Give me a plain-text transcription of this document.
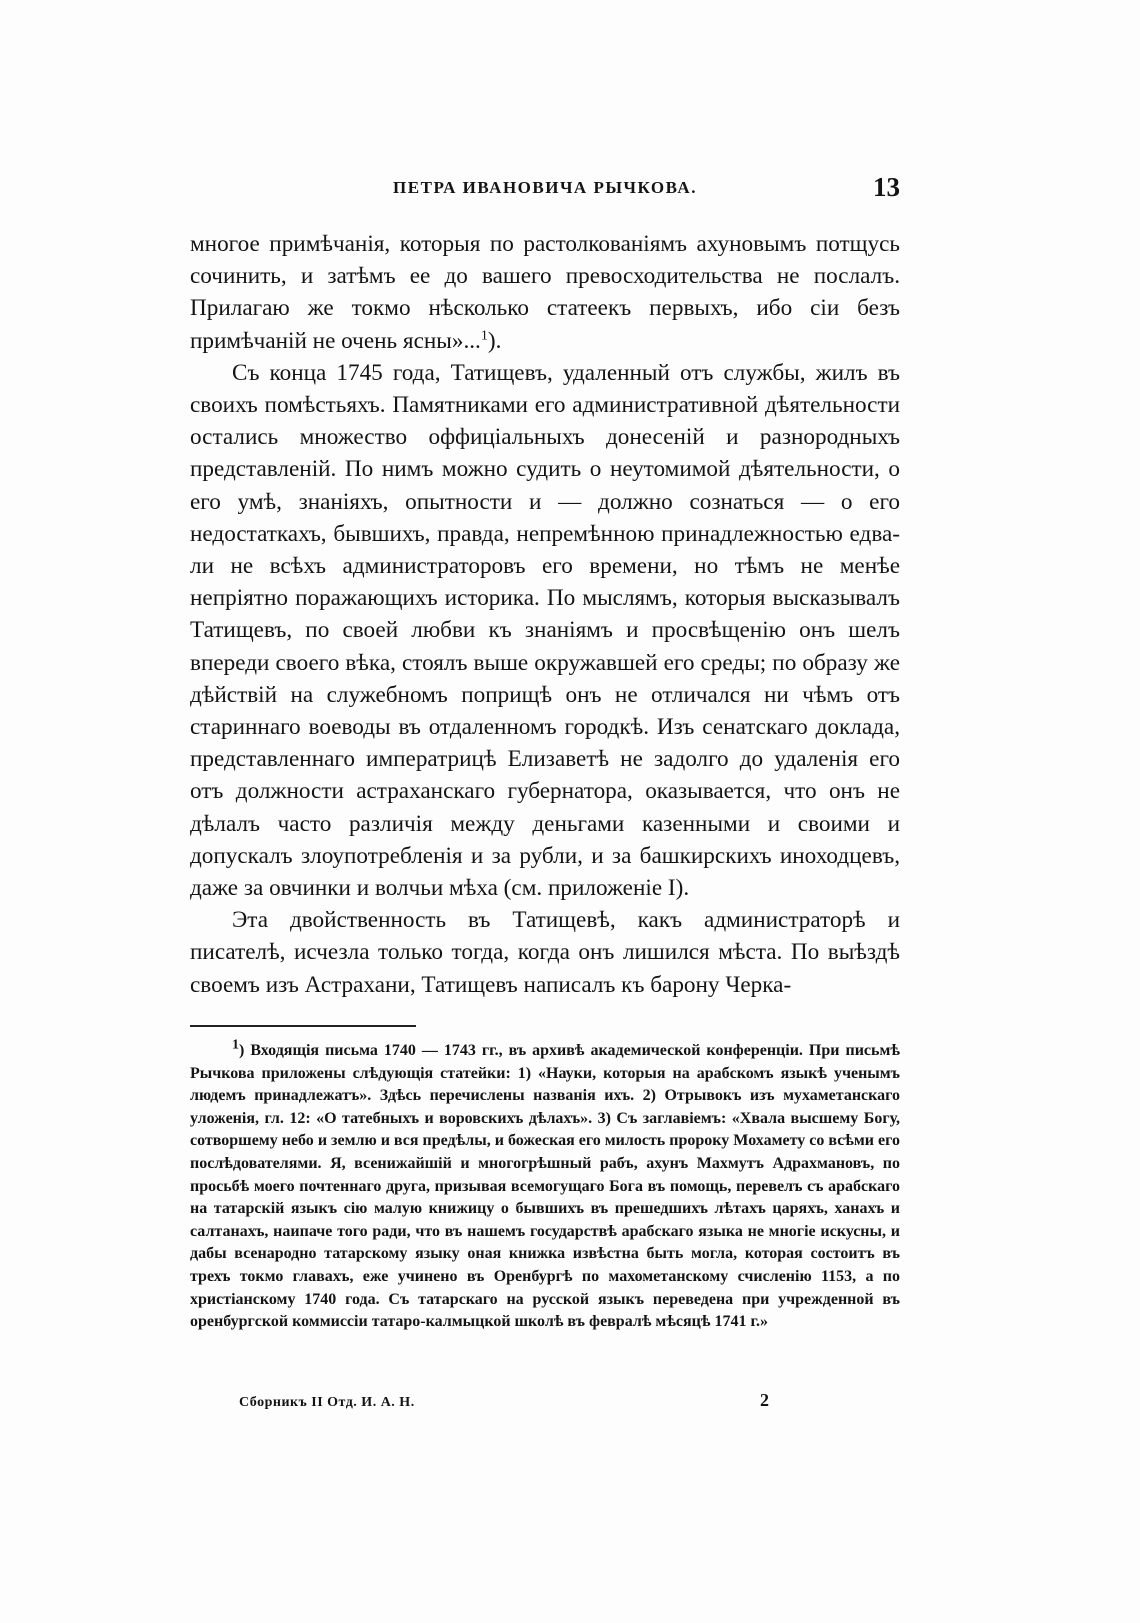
ПЕТРА ИВАНОВИЧА РЫЧКОВА.	13

многое примѣчанія, которыя по растолкованіямъ ахуновымъ потщусь сочинить, и затѣмъ ее до вашего превосходительства не послалъ. Прилагаю же токмо нѣсколько статеекъ первыхъ, ибо сіи безъ примѣчаній не очень ясны»...$^1$).

Съ конца 1745 года, Татищевъ, удаленный отъ службы, жилъ въ своихъ помѣстьяхъ. Памятниками его административной дѣятельности остались множество оффиціальныхъ донесеній и разнородныхъ представленій. По нимъ можно судить о неутомимой дѣятельности, о его умѣ, знаніяхъ, опытности и — должно сознаться — о его недостаткахъ, бывшихъ, правда, непремѣнною принадлежностью едва-ли не всѣхъ администраторовъ его времени, но тѣмъ не менѣе непріятно поражающихъ историка. По мыслямъ, которыя высказывалъ Татищевъ, по своей любви къ знаніямъ и просвѣщенію онъ шелъ впереди своего вѣка, стоялъ выше окружавшей его среды; по образу же дѣйствій на служебномъ поприщѣ онъ не отличался ни чѣмъ отъ стариннаго воеводы въ отдаленномъ городкѣ. Изъ сенатскаго доклада, представленнаго императрицѣ Елизаветѣ не задолго до удаленія его отъ должности астраханскаго губернатора, оказывается, что онъ не дѣлалъ часто различія между деньгами казенными и своими и допускалъ злоупотребленія и за рубли, и за башкирскихъ иноходцевъ, даже за овчинки и волчьи мѣха (см. приложеніе I).

Эта двойственность въ Татищевѣ, какъ администраторѣ и писателѣ, исчезла только тогда, когда онъ лишился мѣста. По выѣздѣ своемъ изъ Астрахани, Татищевъ написалъ къ барону Черка-

$^1$) Входящія письма 1740 — 1743 гг., въ архивѣ академической конференціи. При письмѣ Рычкова приложены слѣдующія статейки: 1) «Науки, которыя на арабскомъ языкѣ ученымъ людемъ принадлежатъ». Здѣсь перечислены названія ихъ. 2) Отрывокъ изъ мухаметанскаго уложенія, гл. 12: «О татебныхъ и воровскихъ дѣлахъ». 3) Съ заглавіемъ: «Хвала высшему Богу, сотворшему небо и землю и вся предѣлы, и божеская его милость пророку Мохамету со всѣми его послѣдователями. Я, всенижайшій и многогрѣшный рабъ, ахунъ Махмутъ Адрахмановъ, по просьбѣ моего почтеннаго друга, призывая всемогущаго Бога въ помощь, перевелъ съ арабскаго на татарскій языкъ сію малую книжицу о бывшихъ въ прешедшихъ лѣтахъ царяхъ, ханахъ и салтанахъ, наипаче того ради, что въ нашемъ государствѣ арабскаго языка не многіе искусны, и дабы всенародно татарскому языку оная книжка извѣстна быть могла, которая состоитъ въ трехъ токмо главахъ, еже учинено въ Оренбургѣ по махометанскому счисленію 1153, а по христіанскому 1740 года. Съ татарскаго на русской языкъ переведена при учрежденной въ оренбургской коммиссіи татаро-калмыцкой школѣ въ февралѣ мѣсяцѣ 1741 г.»

Сборникъ II Отд. И. А. Н.	2
